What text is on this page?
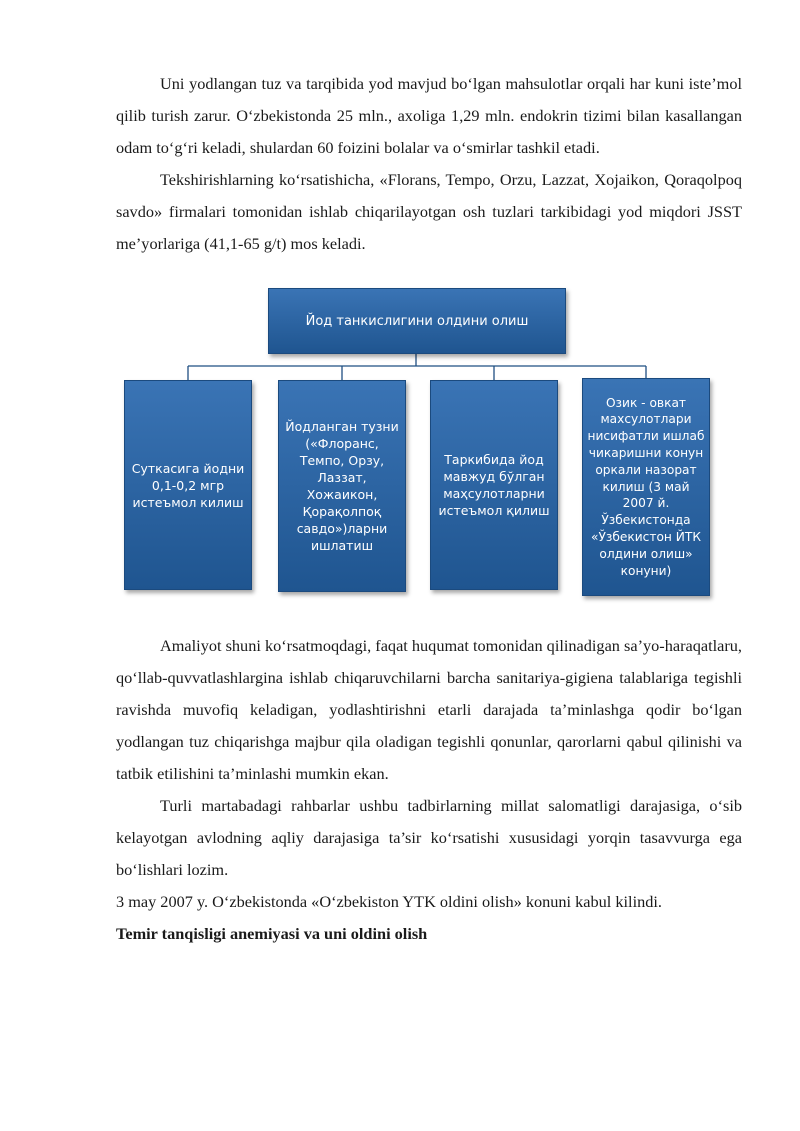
Uni yodlangan tuz va tarqibida yod mavjud bo‘lgan mahsulotlar orqali har kuni iste’mol qilib turish zarur. O‘zbekistonda 25 mln., axoliga 1,29 mln. endokrin tizimi bilan kasallangan odam to‘g‘ri keladi, shulardan 60 foizini bolalar va o‘smirlar tashkil etadi.

Tekshirishlarning ko‘rsatishicha, «Florans, Tempo, Orzu, Lazzat, Xojaikon, Qoraqolpoq savdo» firmalari tomonidan ishlab chiqarilayotgan osh tuzlari tarkibidagi yod miqdori JSST me’yorlariga (41,1-65 g/t) mos keladi.

Йод танкислигини олдини олиш
Суткасига йодни 0,1-0,2 мгр истеъмол килиш
Йодланган тузни («Флоранс, Темпо, Орзу, Лаззат, Хожаикон, Қорақолпоқ савдо»)ларни ишлатиш
Таркибида йод мавжуд бўлган маҳсулотларни истеъмол қилиш
Озик - овкат махсулотлари нисифатли ишлаб чикаришни конун оркали назорат килиш (3 май 2007 й. Ўзбекистонда «Ўзбекистон ЙТК олдини олиш» конуни)

Amaliyot shuni ko‘rsatmoqdagi, faqat huqumat tomonidan qilinadigan sa’yo-haraqatlaru, qo‘llab-quvvatlashlargina ishlab chiqaruvchilarni barcha sanitariya-gigiena talablariga tegishli ravishda muvofiq keladigan, yodlashtirishni etarli darajada ta’minlashga qodir bo‘lgan yodlangan tuz chiqarishga majbur qila oladigan tegishli qonunlar, qarorlarni qabul qilinishi va tatbik etilishini ta’minlashi mumkin ekan.

Turli martabadagi rahbarlar ushbu tadbirlarning millat salomatligi darajasiga, o‘sib kelayotgan avlodning aqliy darajasiga ta’sir ko‘rsatishi xususidagi yorqin tasavvurga ega bo‘lishlari lozim.

3 may 2007 y. O‘zbekistonda «O‘zbekiston YTK oldini olish» konuni kabul kilindi.

Temir tanqisligi anemiyasi va uni oldini olish
